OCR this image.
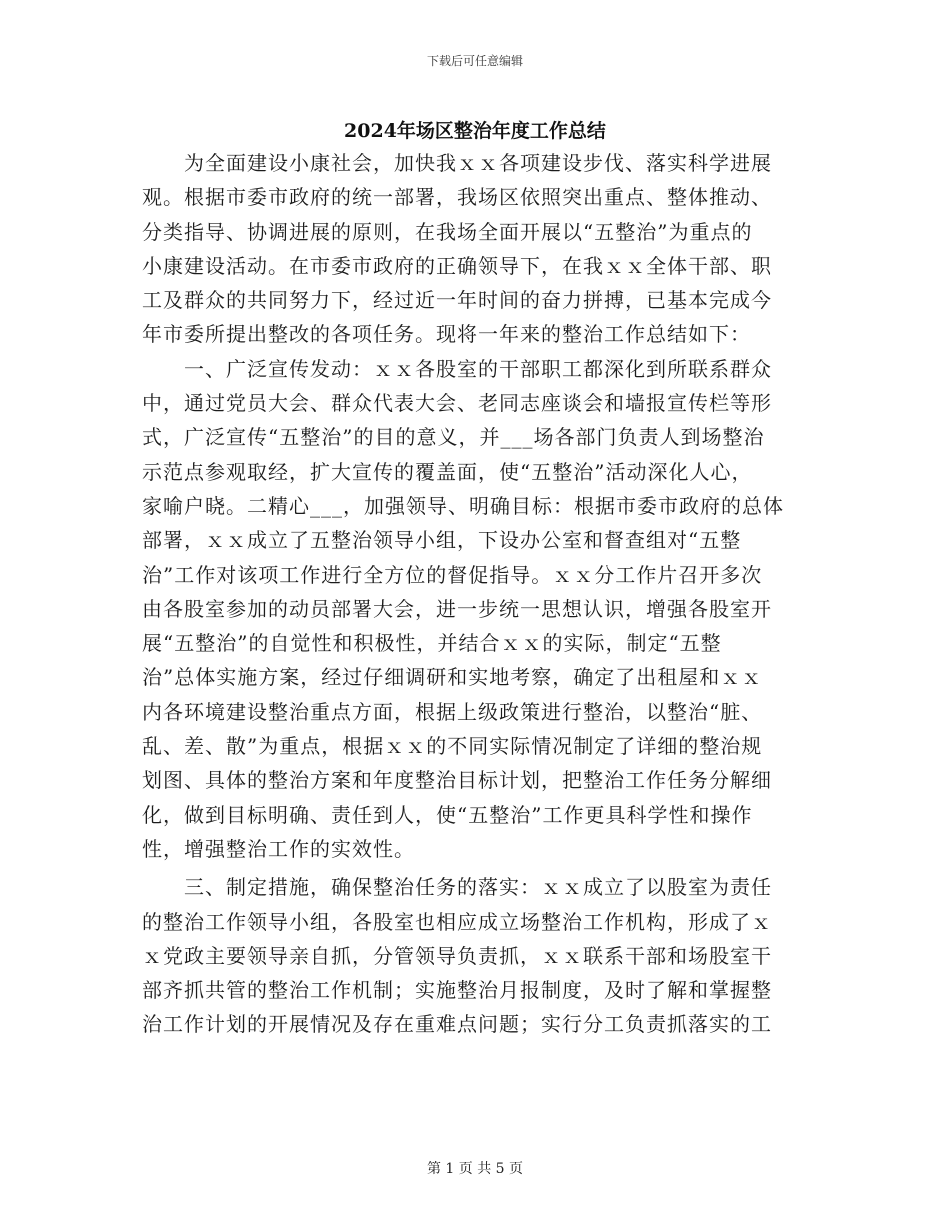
下载后可任意编辑
2024年场区整治年度工作总结
　　为全面建设小康社会，加快我ｘｘ各项建设步伐、落实科学进展
观。根据市委市政府的统一部署，我场区依照突出重点、整体推动、
分类指导、协调进展的原则，在我场全面开展以“五整治”为重点的
小康建设活动。在市委市政府的正确领导下，在我ｘｘ全体干部、职
工及群众的共同努力下，经过近一年时间的奋力拼搏，已基本完成今
年市委所提出整改的各项任务。现将一年来的整治工作总结如下：
　　一、广泛宣传发动：ｘｘ各股室的干部职工都深化到所联系群众
中，通过党员大会、群众代表大会、老同志座谈会和墙报宣传栏等形
式，广泛宣传“五整治”的目的意义，并___场各部门负责人到场整治
示范点参观取经，扩大宣传的覆盖面，使“五整治”活动深化人心，
家喻户晓。二精心___，加强领导、明确目标：根据市委市政府的总体
部署，ｘｘ成立了五整治领导小组，下设办公室和督查组对“五整
治”工作对该项工作进行全方位的督促指导。ｘｘ分工作片召开多次
由各股室参加的动员部署大会，进一步统一思想认识，增强各股室开
展“五整治”的自觉性和积极性，并结合ｘｘ的实际，制定“五整
治”总体实施方案，经过仔细调研和实地考察，确定了出租屋和ｘｘ
内各环境建设整治重点方面，根据上级政策进行整治，以整治“脏、
乱、差、散”为重点，根据ｘｘ的不同实际情况制定了详细的整治规
划图、具体的整治方案和年度整治目标计划，把整治工作任务分解细
化，做到目标明确、责任到人，使“五整治”工作更具科学性和操作
性，增强整治工作的实效性。
　　三、制定措施，确保整治任务的落实：ｘｘ成立了以股室为责任
的整治工作领导小组，各股室也相应成立场整治工作机构，形成了ｘ
ｘ党政主要领导亲自抓，分管领导负责抓，ｘｘ联系干部和场股室干
部齐抓共管的整治工作机制；实施整治月报制度，及时了解和掌握整
治工作计划的开展情况及存在重难点问题；实行分工负责抓落实的工
第 1 页 共 5 页
